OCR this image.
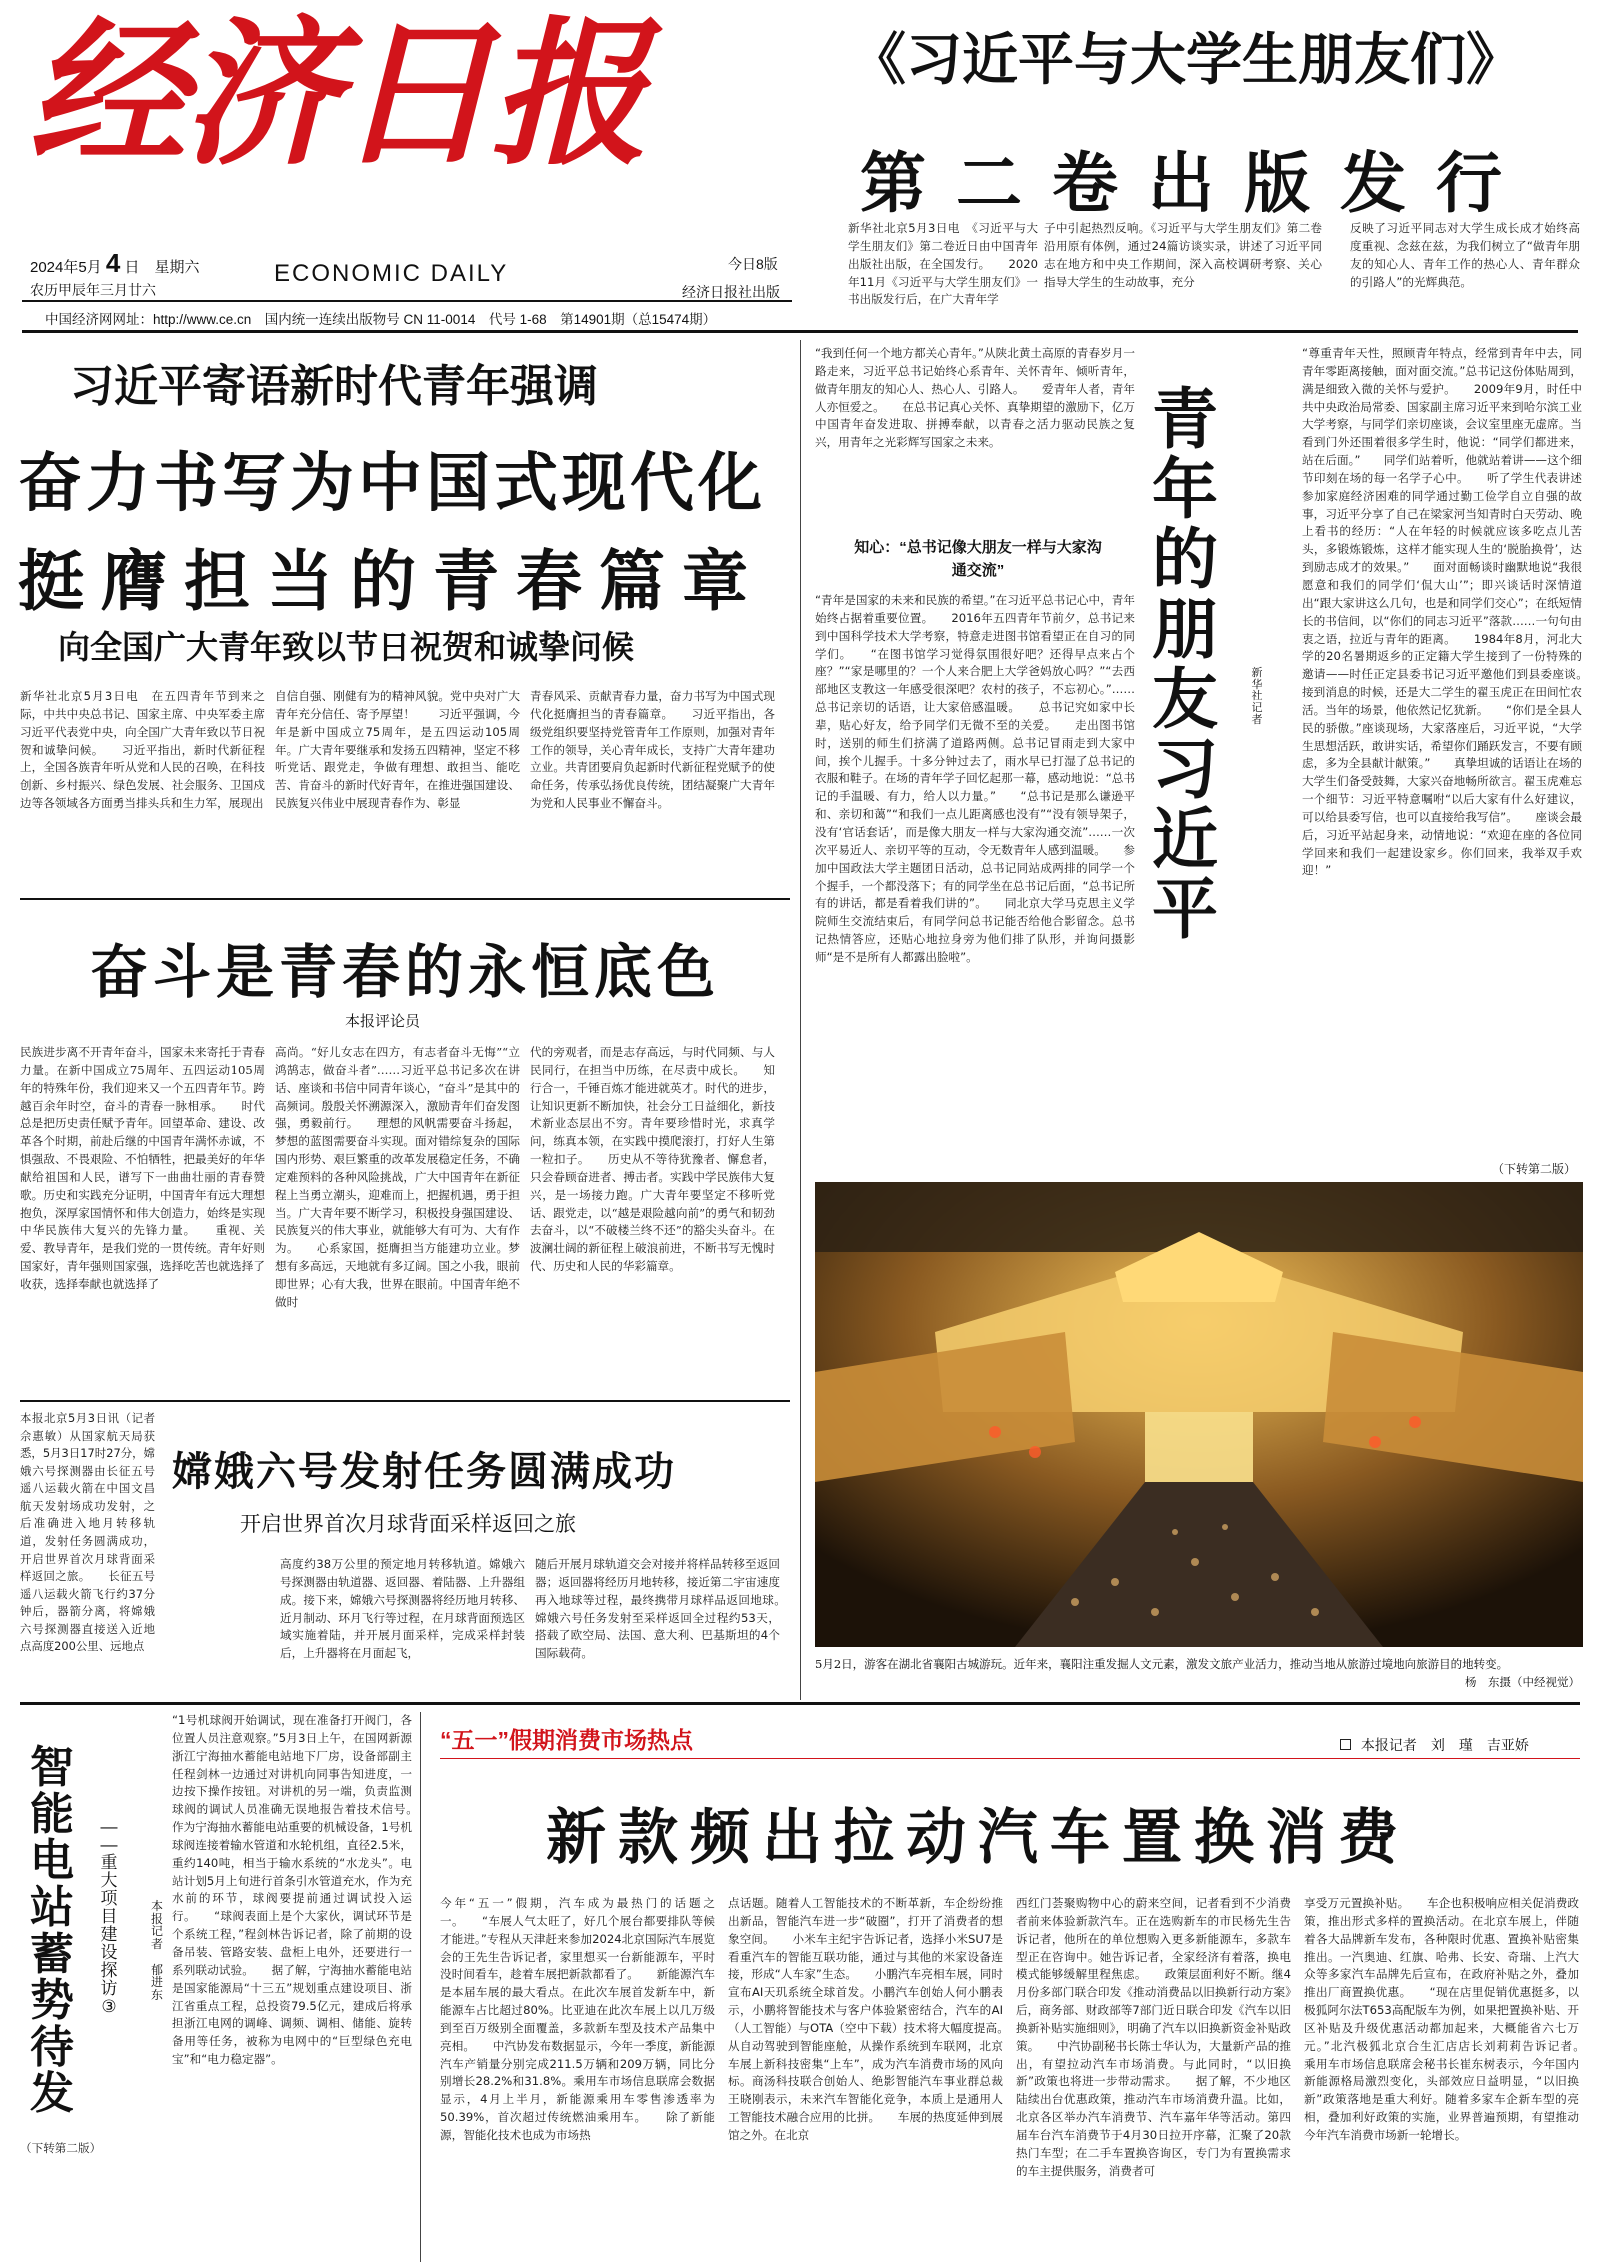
经济日报
2024年5月 4 日　星期六
农历甲辰年三月廿六
ECONOMIC DAILY	今日8版
经济日报社出版
中国经济网网址：http://www.ce.cn　国内统一连续出版物号 CN 11-0014　代号 1-68　第14901期（总15474期）
《习近平与大学生朋友们》
第二卷出版发行

新华社北京5月3日电　《习近平与大学生朋友们》第二卷近日由中国青年出版社出版，在全国发行。　　2020年11月《习近平与大学生朋友们》一书出版发行后，在广大青年学

子中引起热烈反响。《习近平与大学生朋友们》第二卷沿用原有体例，通过24篇访谈实录，讲述了习近平同志在地方和中央工作期间，深入高校调研考察、关心指导大学生的生动故事，充分

反映了习近平同志对大学生成长成才始终高度重视、念兹在兹，为我们树立了“做青年朋友的知心人、青年工作的热心人、青年群众的引路人”的光辉典范。

习近平寄语新时代青年强调
奋力书写为中国式现代化
挺膺担当的青春篇章
向全国广大青年致以节日祝贺和诚挚问候

新华社北京5月3日电　在五四青年节到来之际，中共中央总书记、国家主席、中央军委主席习近平代表党中央，向全国广大青年致以节日祝贺和诚挚问候。　　习近平指出，新时代新征程上，全国各族青年听从党和人民的召唤，在科技创新、乡村振兴、绿色发展、社会服务、卫国戍边等各领域各方面勇当排头兵和生力军，展现出

自信自强、刚健有为的精神风貌。党中央对广大青年充分信任、寄予厚望！　　习近平强调，今年是新中国成立75周年，是五四运动105周年。广大青年要继承和发扬五四精神，坚定不移听党话、跟党走，争做有理想、敢担当、能吃苦、肯奋斗的新时代好青年，在推进强国建设、民族复兴伟业中展现青春作为、彰显

青春风采、贡献青春力量，奋力书写为中国式现代化挺膺担当的青春篇章。　　习近平指出，各级党组织要坚持党管青年工作原则，加强对青年工作的领导，关心青年成长，支持广大青年建功立业。共青团要肩负起新时代新征程党赋予的使命任务，传承弘扬优良传统，团结凝聚广大青年为党和人民事业不懈奋斗。

奋斗是青春的永恒底色
本报评论员

民族进步离不开青年奋斗，国家未来寄托于青春力量。在新中国成立75周年、五四运动105周年的特殊年份，我们迎来又一个五四青年节。跨越百余年时空，奋斗的青春一脉相承。　　时代总是把历史责任赋予青年。回望革命、建设、改革各个时期，前赴后继的中国青年满怀赤诚，不惧强敌、不畏艰险、不怕牺牲，把最美好的年华献给祖国和人民，谱写下一曲曲壮丽的青春赞歌。历史和实践充分证明，中国青年有远大理想抱负，深厚家国情怀和伟大创造力，始终是实现中华民族伟大复兴的先锋力量。　　重视、关爱、教导青年，是我们党的一贯传统。青年好则国家好，青年强则国家强，选择吃苦也就选择了收获，选择奉献也就选择了

高尚。“好儿女志在四方，有志者奋斗无悔”“立鸿鹄志，做奋斗者”……习近平总书记多次在讲话、座谈和书信中同青年谈心，“奋斗”是其中的高频词。殷殷关怀溯源深入，激励青年们奋发图强，勇毅前行。　　理想的风帆需要奋斗扬起，梦想的蓝图需要奋斗实现。面对错综复杂的国际国内形势、艰巨繁重的改革发展稳定任务，不确定难预料的各种风险挑战，广大中国青年在新征程上当勇立潮头，迎难而上，把握机遇，勇于担当。广大青年要不断学习，积极投身强国建设、民族复兴的伟大事业，就能够大有可为、大有作为。　　心系家国，挺膺担当方能建功立业。梦想有多高远，天地就有多辽阔。国之小我，眼前即世界；心有大我，世界在眼前。中国青年绝不做时

代的旁观者，而是志存高远，与时代同频、与人民同行，在担当中历练，在尽责中成长。　　知行合一，千锤百炼才能进就英才。时代的进步，让知识更新不断加快，社会分工日益细化，新技术新业态层出不穷。青年要珍惜时光，求真学问，练真本领，在实践中摸爬滚打，打好人生第一粒扣子。　　历史从不等待犹豫者、懈怠者，只会眷顾奋进者、搏击者。实践中学民族伟大复兴，是一场接力跑。广大青年要坚定不移听党话、跟党走，以“越是艰险越向前”的勇气和韧劲去奋斗，以“不破楼兰终不还”的豁尖头奋斗。在波澜壮阔的新征程上破浪前进，不断书写无愧时代、历史和人民的华彩篇章。

本报北京5月3日讯（记者佘惠敏）从国家航天局获悉，5月3日17时27分，嫦娥六号探测器由长征五号遥八运载火箭在中国文昌航天发射场成功发射，之后准确进入地月转移轨道，发射任务圆满成功，开启世界首次月球背面采样返回之旅。　　长征五号遥八运载火箭飞行约37分钟后，器箭分离，将嫦娥六号探测器直接送入近地点高度200公里、远地点

嫦娥六号发射任务圆满成功
开启世界首次月球背面采样返回之旅

高度约38万公里的预定地月转移轨道。嫦娥六号探测器由轨道器、返回器、着陆器、上升器组成。接下来，嫦娥六号探测器将经历地月转移、近月制动、环月飞行等过程，在月球背面预选区域实施着陆，并开展月面采样，完成采样封装后，上升器将在月面起飞，

随后开展月球轨道交会对接并将样品转移至返回器；返回器将经历月地转移，接近第二宇宙速度再入地球等过程，最终携带月球样品返回地球。　　嫦娥六号任务发射至采样返回全过程约53天，搭载了欧空局、法国、意大利、巴基斯坦的4个国际载荷。

“我到任何一个地方都关心青年。”从陕北黄土高原的青春岁月一路走来，习近平总书记始终心系青年、关怀青年、倾听青年，做青年朋友的知心人、热心人、引路人。　　爱青年人者，青年人亦恒爱之。　　在总书记真心关怀、真挚期望的激励下，亿万中国青年奋发进取、拼搏奉献，以青春之活力驱动民族之复兴，用青年之光彩辉写国家之未来。

知心：“总书记像大朋友一样与大家沟通交流”

“青年是国家的未来和民族的希望。”在习近平总书记心中，青年始终占据着重要位置。　　2016年五四青年节前夕，总书记来到中国科学技术大学考察，特意走进图书馆看望正在自习的同学们。　　“在图书馆学习觉得氛围很好吧？还得早点来占个座？”“家是哪里的？一个人来合肥上大学爸妈放心吗？”“去西部地区支教这一年感受很深吧？农村的孩子，不忘初心。”……总书记亲切的话语，让大家倍感温暖。　　总书记究如家中长辈，贴心好友，给予同学们无微不至的关爱。　　走出图书馆时，送别的师生们挤满了道路两侧。总书记冒雨走到大家中间，挨个儿握手。十多分钟过去了，雨水早已打湿了总书记的衣服和鞋子。在场的青年学子回忆起那一幕，感动地说：“总书记的手温暖、有力，给人以力量。”　　“总书记是那么谦逊平和、亲切和蔼”“和我们一点儿距离感也没有”“没有领导架子，没有‘官话套话’，而是像大朋友一样与大家沟通交流”……一次次平易近人、亲切平等的互动，令无数青年人感到温暖。　　参加中国政法大学主题团日活动，总书记同站成两排的同学一个个握手，一个都没落下；有的同学坐在总书记后面，“总书记所有的讲话，都是看着我们讲的”。　　同北京大学马克思主义学院师生交流结束后，有同学问总书记能否给他合影留念。总书记热情答应，还贴心地拉身旁为他们排了队形，并询问摄影师“是不是所有人都露出脸啦”。

青
年
的
朋
友
习
近
平
新
华
社
记
者

“尊重青年天性，照顾青年特点，经常到青年中去，同青年零距离接触，面对面交流。”总书记这份体贴周到，满是细致入微的关怀与爱护。　　2009年9月，时任中共中央政治局常委、国家副主席习近平来到哈尔滨工业大学考察，与同学们亲切座谈，会议室里座无虚席。当看到门外还围着很多学生时，他说：“同学们都进来，站在后面。”　　同学们站着听，他就站着讲——这个细节印刻在场的每一名学子心中。　　听了学生代表讲述参加家庭经济困难的同学通过勤工俭学自立自强的故事，习近平分享了自己在梁家河当知青时白天劳动、晚上看书的经历：“人在年轻的时候就应该多吃点儿苦头，多锻炼锻炼，这样才能实现人生的‘脱胎换骨’，达到励志成才的效果。”　　面对面畅谈时幽默地说“我很愿意和我们的同学们‘侃大山’”；即兴谈话时深情道出“跟大家讲这么几句，也是和同学们交心”；在纸短情长的书信间，以“你们的同志习近平”落款……一句句由衷之语，拉近与青年的距离。　　1984年8月，河北大学的20名暑期返乡的正定籍大学生接到了一份特殊的邀请——时任正定县委书记习近平邀他们到县委座谈。　　接到消息的时候，还是大二学生的翟玉虎正在田间忙农活。当年的场景，他依然记忆犹新。　　“你们是全县人民的骄傲。”座谈现场，大家落座后，习近平说，“大学生思想活跃，敢讲实话，希望你们踊跃发言，不要有顾虑，多为全县献计献策。”　　真挚坦诚的话语让在场的大学生们备受鼓舞，大家兴奋地畅所欲言。翟玉虎难忘一个细节：习近平特意嘱咐“以后大家有什么好建议，可以给县委写信，也可以直接给我写信”。　　座谈会最后，习近平站起身来，动情地说：“欢迎在座的各位同学回来和我们一起建设家乡。你们回来，我举双手欢迎！”

（下转第二版）
5月2日，游客在湖北省襄阳古城游玩。近年来，襄阳注重发掘人文元素，激发文旅产业活力，推动当地从旅游过境地向旅游目的地转变。
杨　东摄（中经视觉）
智
能
电
站
蓄
势
待
发
—
—
重
大
项
目
建
设
探
访
③
本
报
记
者

郁
进
东

“1号机球阀开始调试，现在准备打开阀门，各位置人员注意观察。”5月3日上午，在国网新源浙江宁海抽水蓄能电站地下厂房，设备部副主任程剑林一边通过对讲机向同事告知进度，一边按下操作按钮。对讲机的另一端，负责监测球阀的调试人员准确无误地报告着技术信号。　　作为宁海抽水蓄能电站重要的机械设备，1号机球阀连接着输水管道和水轮机组，直径2.5米，重约140吨，相当于输水系统的“水龙头”。电站计划5月上旬进行首条引水管道充水，作为充水前的环节，球阀要提前通过调试投入运行。　　“球阀表面上是个大家伙，调试环节是个系统工程，”程剑林告诉记者，除了前期的设备吊装、管路安装、盘柜上电外，还要进行一系列联动试验。　　据了解，宁海抽水蓄能电站是国家能源局“十三五”规划重点建设项目、浙江省重点工程，总投资79.5亿元，建成后将承担浙江电网的调峰、调频、调相、储能、旋转备用等任务，被称为电网中的“巨型绿色充电宝”和“电力稳定器”。

（下转第二版）

“五一”假期消费市场热点	本报记者　刘　瑾　吉亚娇
新款频出拉动汽车置换消费

今年“五一”假期，汽车成为最热门的话题之一。　　“车展人气太旺了，好几个展台都要排队等候才能进。”专程从天津赶来参加2024北京国际汽车展览会的王先生告诉记者，家里想买一台新能源车，平时没时间看车，趁着车展把新款都看了。　　新能源汽车是本届车展的最大看点。在此次车展首发新车中，新能源车占比超过80%。比亚迪在此次车展上以几万级到至百万级别全面覆盖，多款新车型及技术产品集中亮相。　　中汽协发布数据显示，今年一季度，新能源汽车产销量分别完成211.5万辆和209万辆，同比分别增长28.2%和31.8%。乘用车市场信息联席会数据显示，4月上半月，新能源乘用车零售渗透率为50.39%，首次超过传统燃油乘用车。　　除了新能源，智能化技术也成为市场热

点话题。随着人工智能技术的不断革新，车企纷纷推出新品，智能汽车进一步“破圈”，打开了消费者的想象空间。　　小米车主纪宇告诉记者，选择小米SU7是看重汽车的智能互联功能，通过与其他的米家设备连接，形成“人车家”生态。　　小鹏汽车亮相车展，同时宣布AI天玑系统全球首发。小鹏汽车创始人何小鹏表示，小鹏将智能技术与客户体验紧密结合，汽车的AI（人工智能）与OTA（空中下载）技术将大幅度提高。　　从自动驾驶到智能座舱，从操作系统到车联网，北京车展上新科技密集“上车”，成为汽车消费市场的风向标。商汤科技联合创始人、绝影智能汽车事业群总裁王晓刚表示，未来汽车智能化竞争，本质上是通用人工智能技术融合应用的比拼。　　车展的热度延伸到展馆之外。在北京

西红门荟聚购物中心的蔚来空间，记者看到不少消费者前来体验新款汽车。正在选购新车的市民杨先生告诉记者，他所在的单位想购入更多新能源车，多款车型正在咨询中。她告诉记者，全家经济有着落，换电模式能够缓解里程焦虑。　　政策层面利好不断。继4月份多部门联合印发《推动消费品以旧换新行动方案》后，商务部、财政部等7部门近日联合印发《汽车以旧换新补贴实施细则》，明确了汽车以旧换新资金补贴政策。　　中汽协副秘书长陈士华认为，大量新产品的推出，有望拉动汽车市场消费。与此同时，“以旧换新”政策也将进一步带动需求。　　据了解，不少地区陆续出台优惠政策，推动汽车市场消费升温。比如，北京各区举办汽车消费节、汽车嘉年华等活动。第四届车台汽车消费节于4月30日拉开序幕，汇聚了20款热门车型；在二手车置换咨询区，专门为有置换需求的车主提供服务，消费者可

享受万元置换补贴。　　车企也积极响应相关促消费政策，推出形式多样的置换活动。在北京车展上，伴随着各大品牌新车发布，各种限时优惠、置换补贴密集推出。一汽奥迪、红旗、哈弗、长安、奇瑞、上汽大众等多家汽车品牌先后宣布，在政府补贴之外，叠加推出厂商置换优惠。　　“现在店里促销优惠挺多，以极狐阿尔法T653高配版车为例，如果把置换补贴、开区补贴及升级优惠活动都加起来，大概能省六七万元。”北汽极狐北京合生汇店店长刘莉莉告诉记者。　　乘用车市场信息联席会秘书长崔东树表示，今年国内新能源格局激烈变化，头部效应日益明显，“以旧换新”政策落地是重大利好。随着多家车企新车型的亮相，叠加利好政策的实施，业界普遍预期，有望推动今年汽车消费市场新一轮增长。
